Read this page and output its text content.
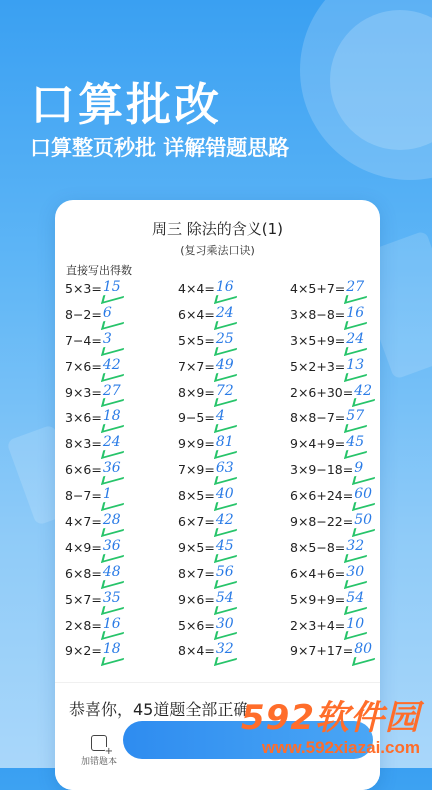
口算批改
口算整页秒批 详解错题思路
周三 除法的含义(1)
(复习乘法口诀)
直接写出得数
5×3=15	4×4=16	4×5+7=27
8−2=6	6×4=24	3×8−8=16
7−4=3	5×5=25	3×5+9=24
7×6=42	7×7=49	5×2+3=13
9×3=27	8×9=72	2×6+30=42
3×6=18	9−5=4	8×8−7=57
8×3=24	9×9=81	9×4+9=45
6×6=36	7×9=63	3×9−18=9
8−7=1	8×5=40	6×6+24=60
4×7=28	6×7=42	9×8−22=50
4×9=36	9×5=45	8×5−8=32
6×8=48	8×7=56	6×4+6=30
5×7=35	9×6=54	5×9+9=54
2×8=16	5×6=30	2×3+4=10
9×2=18	8×4=32	9×7+17=80
恭喜你，45道题全部正确
+
加错题本
592软件园
www.592xiazai.com
